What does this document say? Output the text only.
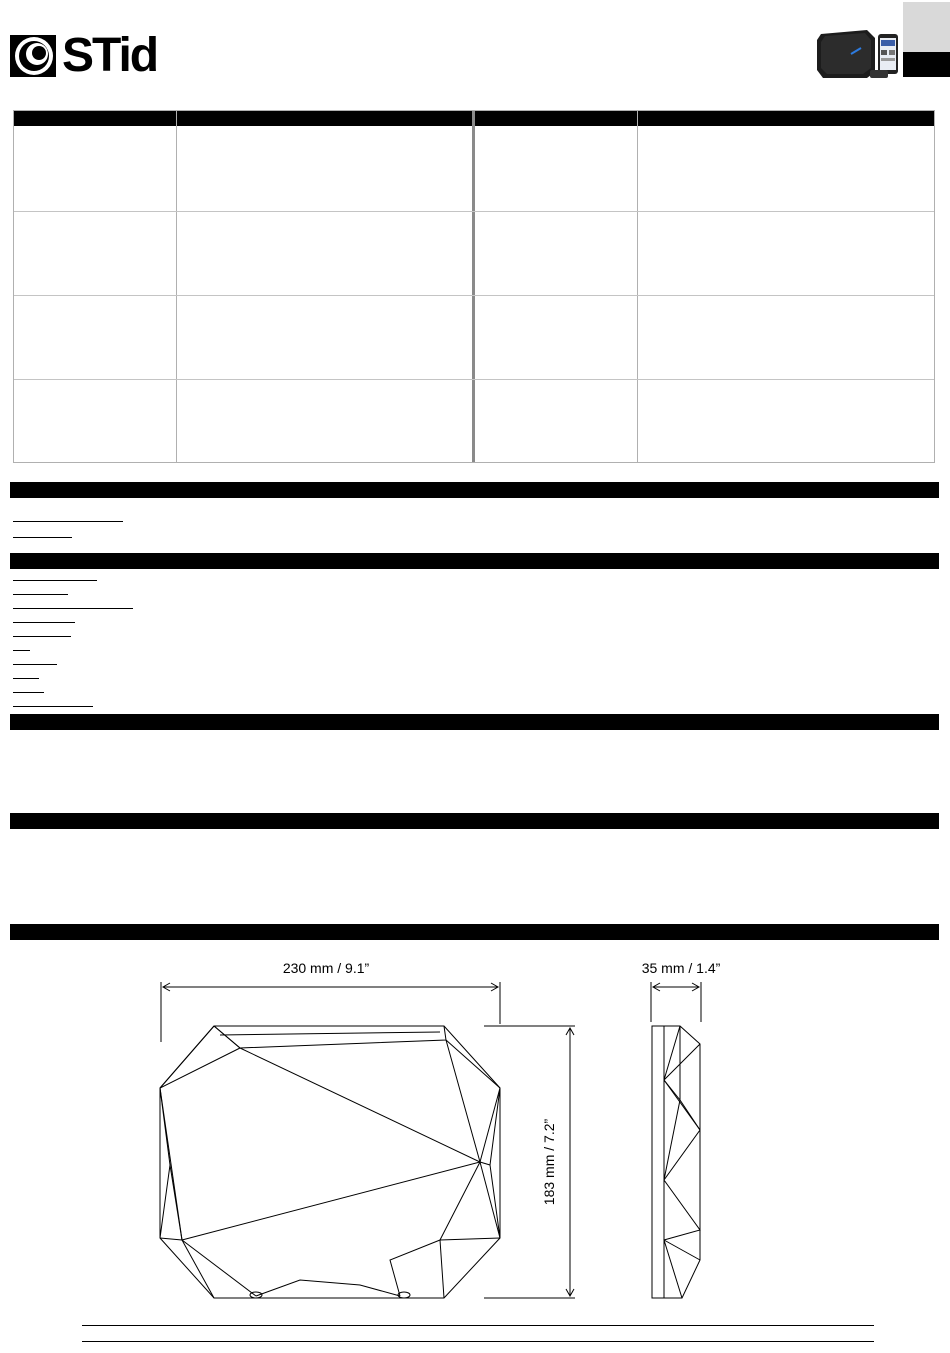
STid
230 mm / 9.1”	35 mm / 1.4”
183 mm / 7.2”
